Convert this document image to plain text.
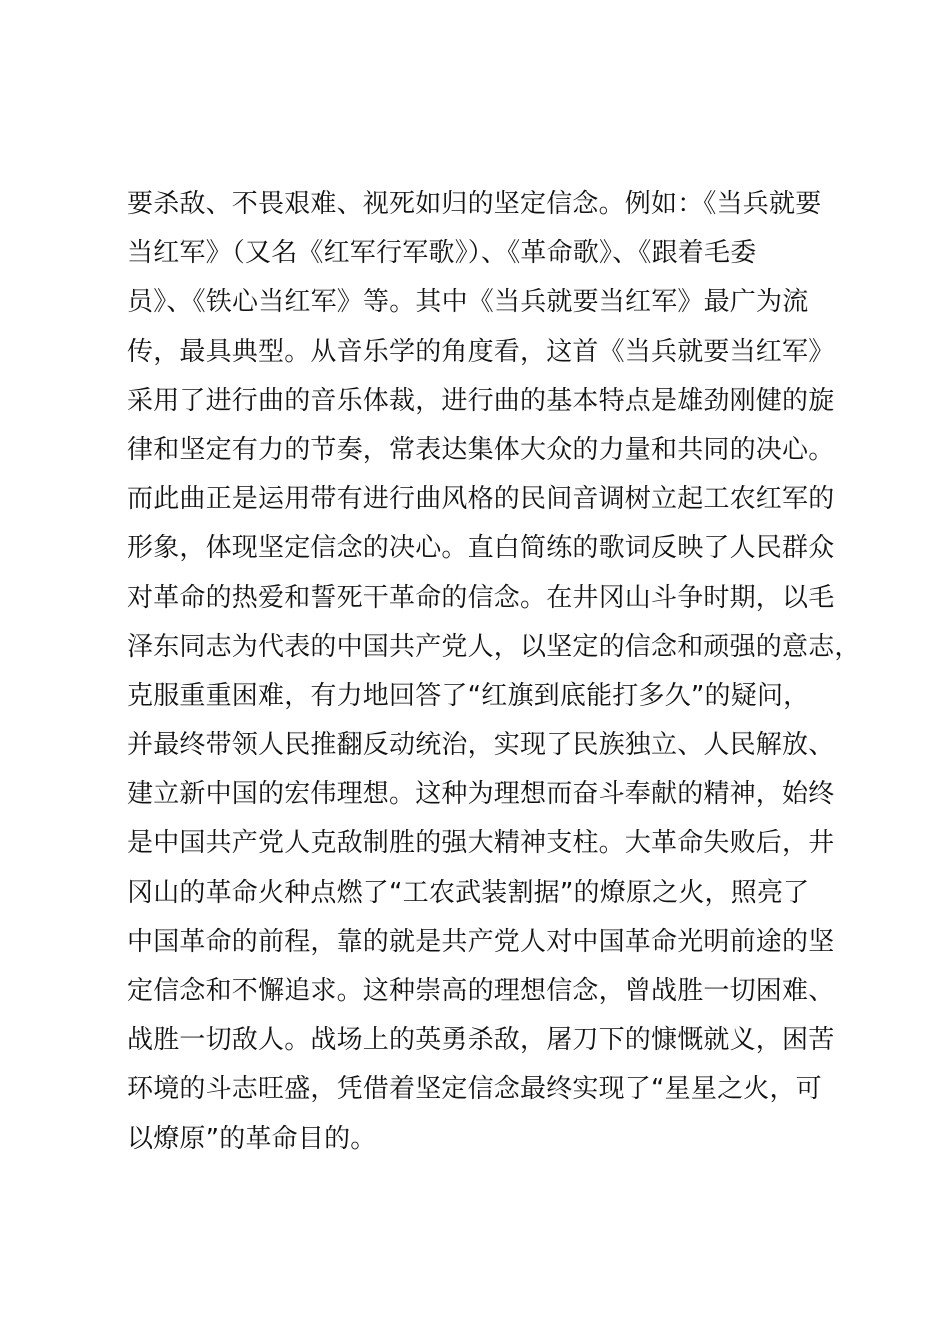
要杀敌、不畏艰难、视死如归的坚定信念。例如：《当兵就要
当红军》（又名《红军行军歌》）、《革命歌》、《跟着毛委
员》、《铁心当红军》等。其中《当兵就要当红军》最广为流
传，最具典型。从音乐学的角度看，这首《当兵就要当红军》
采用了进行曲的音乐体裁，进行曲的基本特点是雄劲刚健的旋
律和坚定有力的节奏，常表达集体大众的力量和共同的决心。
而此曲正是运用带有进行曲风格的民间音调树立起工农红军的
形象，体现坚定信念的决心。直白简练的歌词反映了人民群众
对革命的热爱和誓死干革命的信念。在井冈山斗争时期，以毛
泽东同志为代表的中国共产党人，以坚定的信念和顽强的意志，
克服重重困难，有力地回答了“红旗到底能打多久”的疑问，
并最终带领人民推翻反动统治，实现了民族独立、人民解放、
建立新中国的宏伟理想。这种为理想而奋斗奉献的精神，始终
是中国共产党人克敌制胜的强大精神支柱。大革命失败后，井
冈山的革命火种点燃了“工农武装割据”的燎原之火，照亮了
中国革命的前程，靠的就是共产党人对中国革命光明前途的坚
定信念和不懈追求。这种崇高的理想信念，曾战胜一切困难、
战胜一切敌人。战场上的英勇杀敌，屠刀下的慷慨就义，困苦
环境的斗志旺盛，凭借着坚定信念最终实现了“星星之火，可
以燎原”的革命目的。
